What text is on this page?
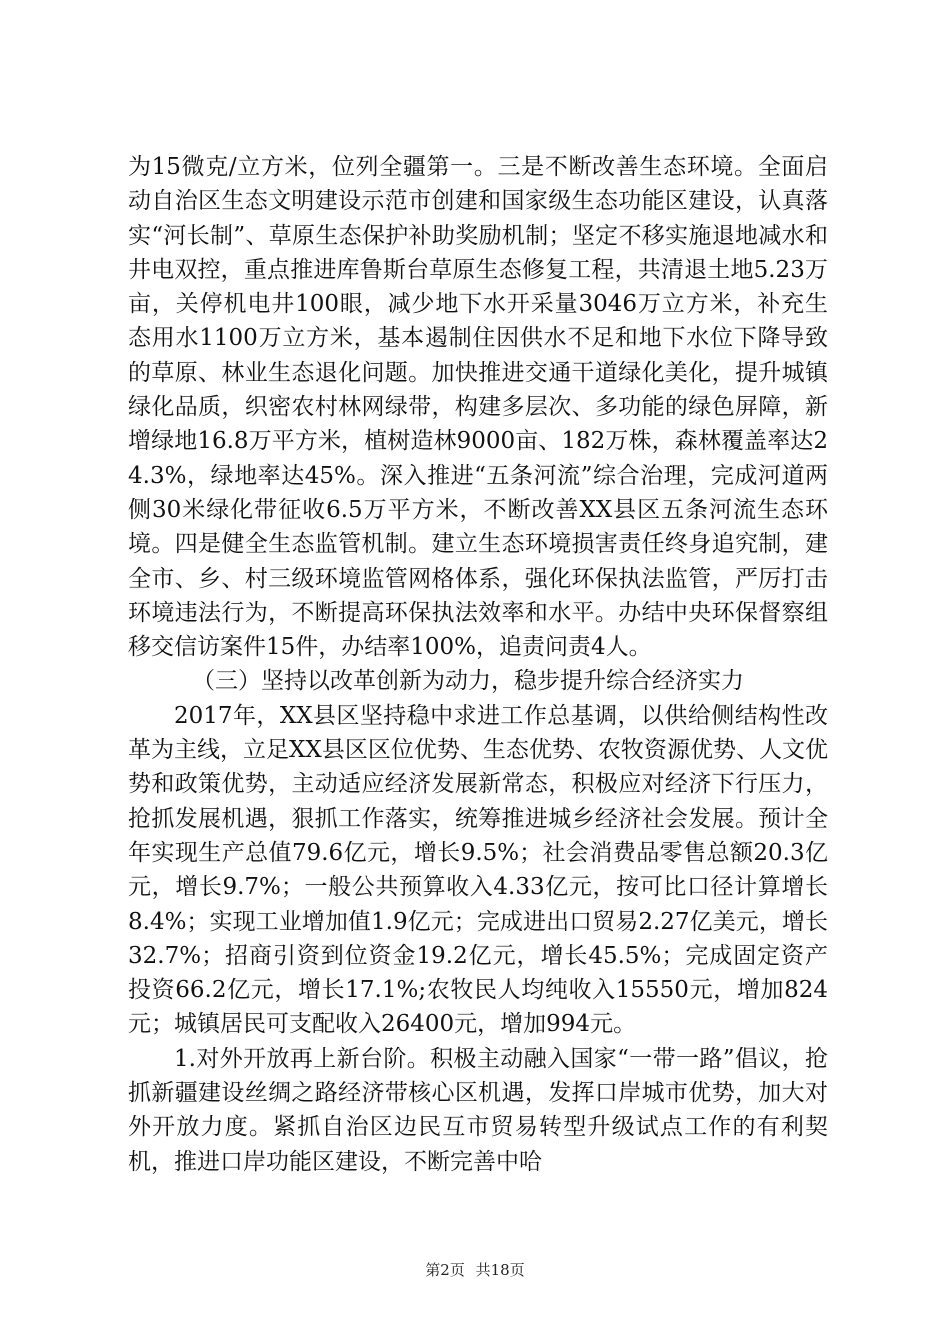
为15微克/立方米，位列全疆第一。三是不断改善生态环境。全面启动自治区生态文明建设示范市创建和国家级生态功能区建设，认真落实“河长制”、草原生态保护补助奖励机制；坚定不移实施退地减水和井电双控，重点推进库鲁斯台草原生态修复工程，共清退土地5.23万亩，关停机电井100眼，减少地下水开采量3046万立方米，补充生态用水1100万立方米，基本遏制住因供水不足和地下水位下降导致的草原、林业生态退化问题。加快推进交通干道绿化美化，提升城镇绿化品质，织密农村林网绿带，构建多层次、多功能的绿色屏障，新增绿地16.8万平方米，植树造林9000亩、182万株，森林覆盖率达24.3%，绿地率达45%。深入推进“五条河流”综合治理，完成河道两侧30米绿化带征收6.5万平方米，不断改善XX县区五条河流生态环境。四是健全生态监管机制。建立生态环境损害责任终身追究制，建全市、乡、村三级环境监管网格体系，强化环保执法监管，严厉打击环境违法行为，不断提高环保执法效率和水平。办结中央环保督察组移交信访案件15件，办结率100%，追责问责4人。

（三）坚持以改革创新为动力，稳步提升综合经济实力

2017年，XX县区坚持稳中求进工作总基调，以供给侧结构性改革为主线，立足XX县区区位优势、生态优势、农牧资源优势、人文优势和政策优势，主动适应经济发展新常态，积极应对经济下行压力，抢抓发展机遇，狠抓工作落实，统筹推进城乡经济社会发展。预计全年实现生产总值79.6亿元，增长9.5%；社会消费品零售总额20.3亿元，增长9.7%；一般公共预算收入4.33亿元，按可比口径计算增长8.4%；实现工业增加值1.9亿元；完成进出口贸易2.27亿美元，增长32.7%；招商引资到位资金19.2亿元，增长45.5%；完成固定资产投资66.2亿元，增长17.1%;农牧民人均纯收入15550元，增加824元；城镇居民可支配收入26400元，增加994元。

1.对外开放再上新台阶。积极主动融入国家“一带一路”倡议，抢抓新疆建设丝绸之路经济带核心区机遇，发挥口岸城市优势，加大对外开放力度。紧抓自治区边民互市贸易转型升级试点工作的有利契机，推进口岸功能区建设，不断完善中哈

第2页 共18页
